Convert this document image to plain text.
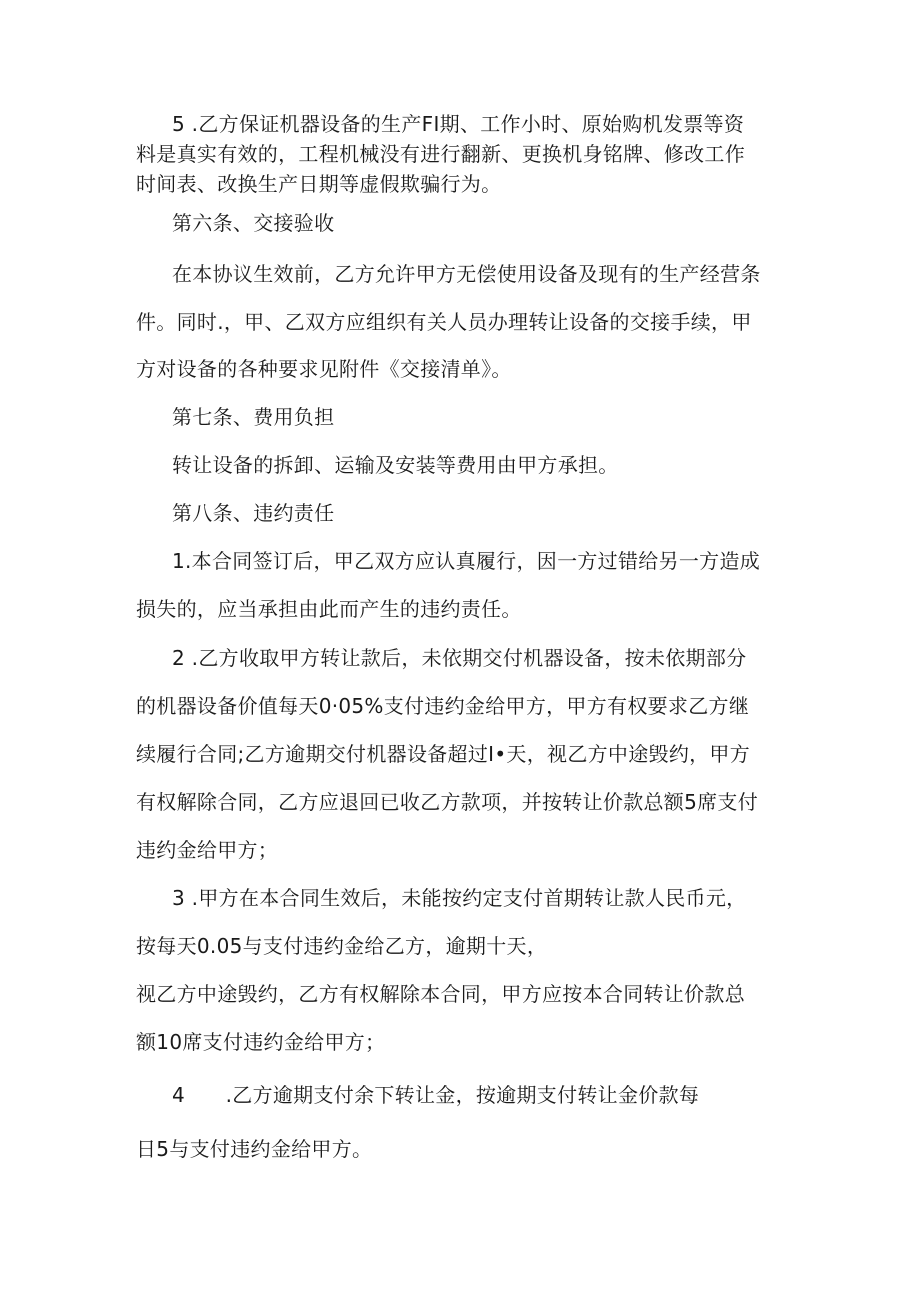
5 .乙方保证机器设备的生产FI期、工作小时、原始购机发票等资
料是真实有效的，工程机械没有进行翻新、更换机身铭牌、修改工作
时间表、改换生产日期等虚假欺骗行为。
第六条、交接验收
在本协议生效前，乙方允许甲方无偿使用设备及现有的生产经营条
件。同时.，甲、乙双方应组织有关人员办理转让设备的交接手续，甲
方对设备的各种要求见附件《交接清单》。
第七条、费用负担
转让设备的拆卸、运输及安装等费用由甲方承担。
第八条、违约责任
1.本合同签订后，甲乙双方应认真履行，因一方过错给另一方造成
损失的，应当承担由此而产生的违约责任。
2 .乙方收取甲方转让款后，未依期交付机器设备，按未依期部分
的机器设备价值每天0·05%支付违约金给甲方，甲方有权要求乙方继
续履行合同;乙方逾期交付机器设备超过I•天，视乙方中途毁约，甲方
有权解除合同，乙方应退回已收乙方款项，并按转让价款总额5席支付
违约金给甲方；
3 .甲方在本合同生效后，未能按约定支付首期转让款人民币元，
按每天0.05与支付违约金给乙方，逾期十天，
视乙方中途毁约，乙方有权解除本合同，甲方应按本合同转让价款总
额10席支付违约金给甲方；
4　　.乙方逾期支付余下转让金，按逾期支付转让金价款每
日5与支付违约金给甲方。
